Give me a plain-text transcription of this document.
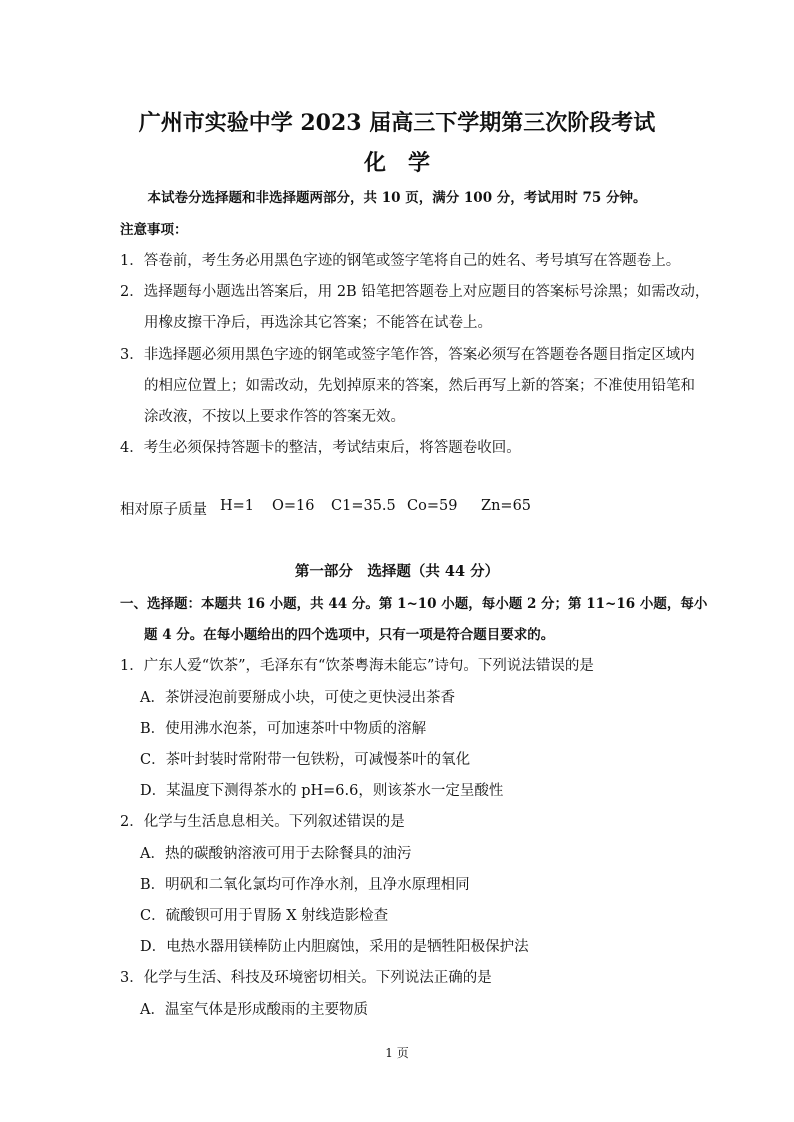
广州市实验中学 2023 届高三下学期第三次阶段考试
化　学
本试卷分选择题和非选择题两部分，共 10 页，满分 100 分，考试用时 75 分钟。
注意事项：
1．答卷前，考生务必用黑色字迹的钢笔或签字笔将自己的姓名、考号填写在答题卷上。
2．选择题每小题选出答案后，用 2B 铅笔把答题卷上对应题目的答案标号涂黑；如需改动，
用橡皮擦干净后，再选涂其它答案；不能答在试卷上。
3．非选择题必须用黑色字迹的钢笔或签字笔作答，答案必须写在答题卷各题目指定区域内
的相应位置上；如需改动，先划掉原来的答案，然后再写上新的答案；不准使用铅笔和
涂改液，不按以上要求作答的答案无效。
4．考生必须保持答题卡的整洁，考试结束后，将答题卷收回。
相对原子质量 H=1 O=16 C1=35.5 Co=59 Zn=65
第一部分　选择题（共 44 分）
一、选择题：本题共 16 小题，共 44 分。第 1~10 小题，每小题 2 分；第 11~16 小题，每小
题 4 分。在每小题给出的四个选项中，只有一项是符合题目要求的。
1．广东人爱“饮茶”，毛泽东有“饮茶粤海未能忘”诗句。下列说法错误的是
A．茶饼浸泡前要掰成小块，可使之更快浸出茶香
B．使用沸水泡茶，可加速茶叶中物质的溶解
C．茶叶封装时常附带一包铁粉，可减慢茶叶的氧化
D．某温度下测得茶水的 pH=6.6，则该茶水一定呈酸性
2．化学与生活息息相关。下列叙述错误的是
A．热的碳酸钠溶液可用于去除餐具的油污
B．明矾和二氧化氯均可作净水剂，且净水原理相同
C．硫酸钡可用于胃肠 X 射线造影检查
D．电热水器用镁棒防止内胆腐蚀，采用的是牺牲阳极保护法
3．化学与生活、科技及环境密切相关。下列说法正确的是
A．温室气体是形成酸雨的主要物质
1 页
